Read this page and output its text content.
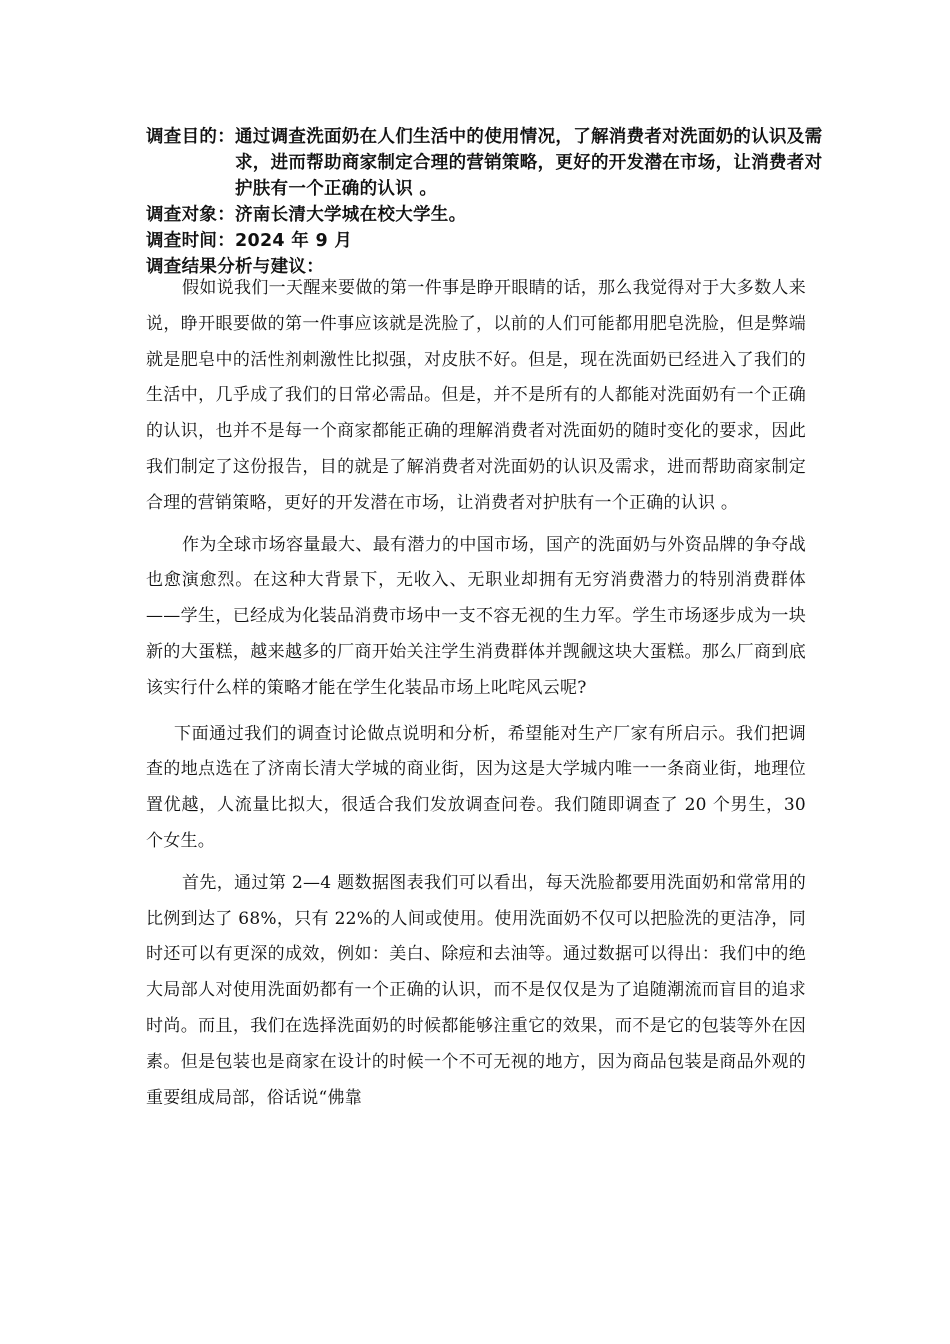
调查目的： 通过调查洗面奶在人们生活中的使用情况，了解消费者对洗面奶的认识及需求，进而帮助商家制定合理的营销策略，更好的开发潜在市场，让消费者对护肤有一个正确的认识 。
调查对象： 济南长清大学城在校大学生。
调查时间： 2024 年 9 月
调查结果分析与建议：

假如说我们一天醒来要做的第一件事是睁开眼睛的话，那么我觉得对于大多数人来说，睁开眼要做的第一件事应该就是洗脸了，以前的人们可能都用肥皂洗脸，但是弊端就是肥皂中的活性剂刺激性比拟强，对皮肤不好。但是，现在洗面奶已经进入了我们的生活中，几乎成了我们的日常必需品。但是，并不是所有的人都能对洗面奶有一个正确的认识，也并不是每一个商家都能正确的理解消费者对洗面奶的随时变化的要求，因此我们制定了这份报告，目的就是了解消费者对洗面奶的认识及需求，进而帮助商家制定合理的营销策略，更好的开发潜在市场，让消费者对护肤有一个正确的认识 。

作为全球市场容量最大、最有潜力的中国市场，国产的洗面奶与外资品牌的争夺战也愈演愈烈。在这种大背景下，无收入、无职业却拥有无穷消费潜力的特别消费群体——学生，已经成为化装品消费市场中一支不容无视的生力军。学生市场逐步成为一块新的大蛋糕，越来越多的厂商开始关注学生消费群体并觊觎这块大蛋糕。那么厂商到底该实行什么样的策略才能在学生化装品市场上叱咤风云呢?

下面通过我们的调查讨论做点说明和分析，希望能对生产厂家有所启示。我们把调查的地点选在了济南长清大学城的商业街，因为这是大学城内唯一一条商业街，地理位置优越，人流量比拟大，很适合我们发放调查问卷。我们随即调查了 20 个男生，30 个女生。

首先，通过第 2—4 题数据图表我们可以看出，每天洗脸都要用洗面奶和常常用的比例到达了 68%，只有 22%的人间或使用。使用洗面奶不仅可以把脸洗的更洁净，同时还可以有更深的成效，例如：美白、除痘和去油等。通过数据可以得出：我们中的绝大局部人对使用洗面奶都有一个正确的认识，而不是仅仅是为了追随潮流而盲目的追求时尚。而且，我们在选择洗面奶的时候都能够注重它的效果，而不是它的包装等外在因素。但是包装也是商家在设计的时候一个不可无视的地方，因为商品包装是商品外观的重要组成局部，俗话说“佛靠
